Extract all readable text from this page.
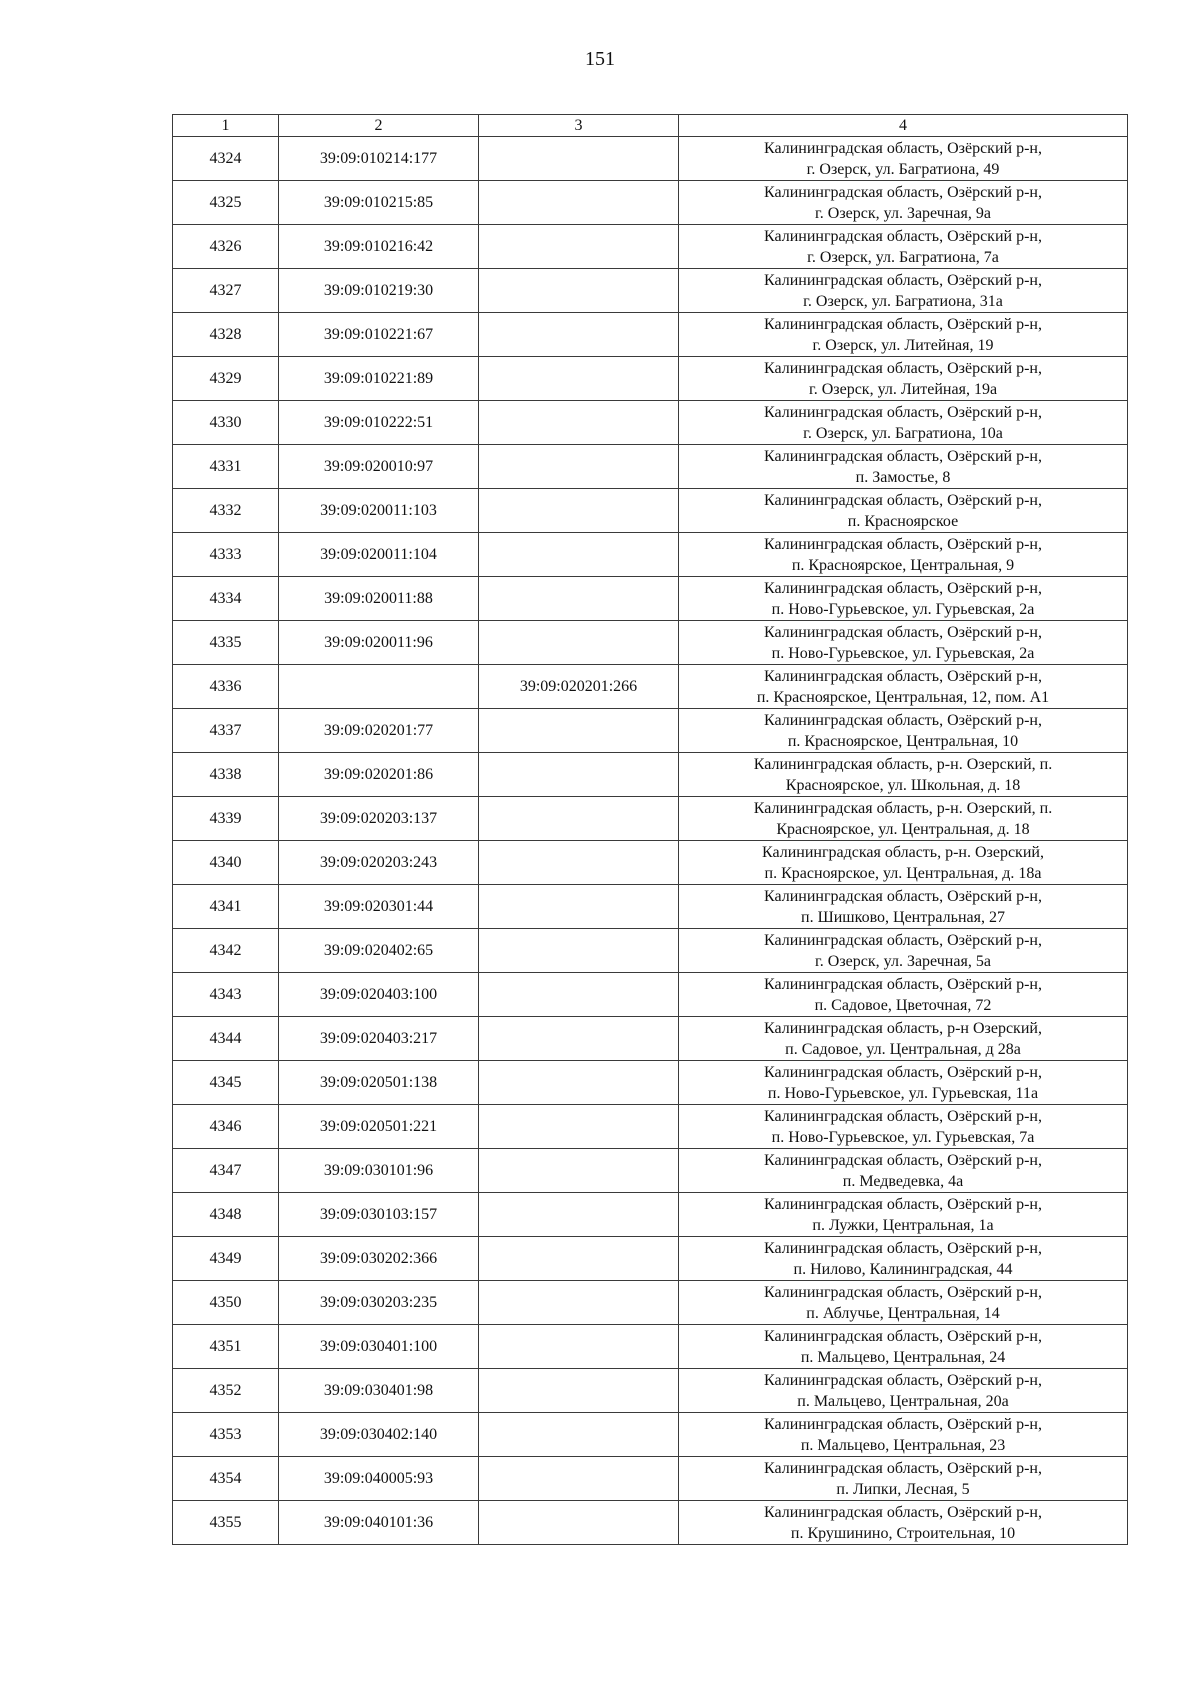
151
1	2	3	4
4324	39:09:010214:177		Калининградская область, Озёрский р-н,
г. Озерск, ул. Багратиона, 49

4325	39:09:010215:85		Калининградская область, Озёрский р-н,
г. Озерск, ул. Заречная, 9а

4326	39:09:010216:42		Калининградская область, Озёрский р-н,
г. Озерск, ул. Багратиона, 7а

4327	39:09:010219:30		Калининградская область, Озёрский р-н,
г. Озерск, ул. Багратиона, 31а

4328	39:09:010221:67		Калининградская область, Озёрский р-н,
г. Озерск, ул. Литейная, 19

4329	39:09:010221:89		Калининградская область, Озёрский р-н,
г. Озерск, ул. Литейная, 19а

4330	39:09:010222:51		Калининградская область, Озёрский р-н,
г. Озерск, ул. Багратиона, 10а

4331	39:09:020010:97		Калининградская область, Озёрский р-н,
п. Замостье, 8

4332	39:09:020011:103		Калининградская область, Озёрский р-н,
п. Красноярское

4333	39:09:020011:104		Калининградская область, Озёрский р-н,
п. Красноярское, Центральная, 9

4334	39:09:020011:88		Калининградская область, Озёрский р-н,
п. Ново-Гурьевское, ул. Гурьевская, 2а

4335	39:09:020011:96		Калининградская область, Озёрский р-н,
п. Ново-Гурьевское, ул. Гурьевская, 2а

4336		39:09:020201:266	Калининградская область, Озёрский р-н,
п. Красноярское, Центральная, 12, пом. А1

4337	39:09:020201:77		Калининградская область, Озёрский р-н,
п. Красноярское, Центральная, 10

4338	39:09:020201:86		Калининградская область, р-н. Озерский, п.
Красноярское, ул. Школьная, д. 18

4339	39:09:020203:137		Калининградская область, р-н. Озерский, п.
Красноярское, ул. Центральная, д. 18

4340	39:09:020203:243		Калининградская область, р-н. Озерский,
п. Красноярское, ул. Центральная, д. 18а

4341	39:09:020301:44		Калининградская область, Озёрский р-н,
п. Шишково, Центральная, 27

4342	39:09:020402:65		Калининградская область, Озёрский р-н,
г. Озерск, ул. Заречная, 5а

4343	39:09:020403:100		Калининградская область, Озёрский р-н,
п. Садовое, Цветочная, 72

4344	39:09:020403:217		Калининградская область, р-н Озерский,
п. Садовое, ул. Центральная, д 28а

4345	39:09:020501:138		Калининградская область, Озёрский р-н,
п. Ново-Гурьевское, ул. Гурьевская, 11а

4346	39:09:020501:221		Калининградская область, Озёрский р-н,
п. Ново-Гурьевское, ул. Гурьевская, 7а

4347	39:09:030101:96		Калининградская область, Озёрский р-н,
п. Медведевка, 4а

4348	39:09:030103:157		Калининградская область, Озёрский р-н,
п. Лужки, Центральная, 1а

4349	39:09:030202:366		Калининградская область, Озёрский р-н,
п. Нилово, Калининградская, 44

4350	39:09:030203:235		Калининградская область, Озёрский р-н,
п. Аблучье, Центральная, 14

4351	39:09:030401:100		Калининградская область, Озёрский р-н,
п. Мальцево, Центральная, 24

4352	39:09:030401:98		Калининградская область, Озёрский р-н,
п. Мальцево, Центральная, 20а

4353	39:09:030402:140		Калининградская область, Озёрский р-н,
п. Мальцево, Центральная, 23

4354	39:09:040005:93		Калининградская область, Озёрский р-н,
п. Липки, Лесная, 5

4355	39:09:040101:36		Калининградская область, Озёрский р-н,
п. Крушинино, Строительная, 10
